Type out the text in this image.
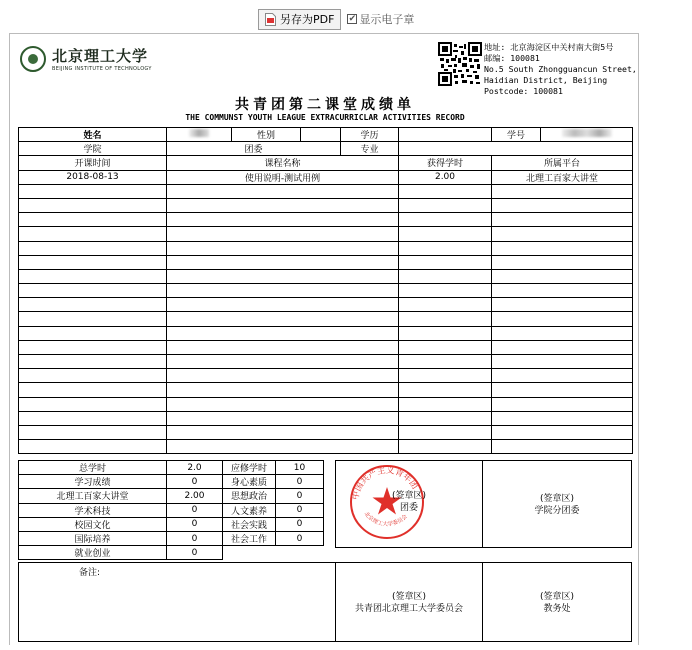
另存为PDF ✔ 显示电子章
北京理工大学
BEIJING INSTITUTE OF TECHNOLOGY
地址: 北京海淀区中关村南大街5号
邮编: 100081
No.5 South Zhongguancun Street,
Haidian District, Beijing
Postcode: 100081
共青团第二课堂成绩单
THE COMMUNST YOUTH LEAGUE EXTRACURRICLAR ACTIVITIES RECORD
姓名		性别		学历		学号	
学院	团委			专业			
开课时间	课程名称				获得学时	所属平台	
2018-08-13	使用说明-测试用例				2.00	北理工百家大讲堂	

总学时	2.0	应修学时	10
学习成绩	0	身心素质	0
北理工百家大讲堂	2.00	思想政治	0
学术科技	0	人文素养	0
校园文化	0	社会实践	0
国际培养	0	社会工作	0
就业创业	0		
中国共产主义青年团
北京理工大学委员会
(签章区)
团委
(签章区)
学院分团委
备注:
(签章区)
共青团北京理工大学委员会
(签章区)
教务处
